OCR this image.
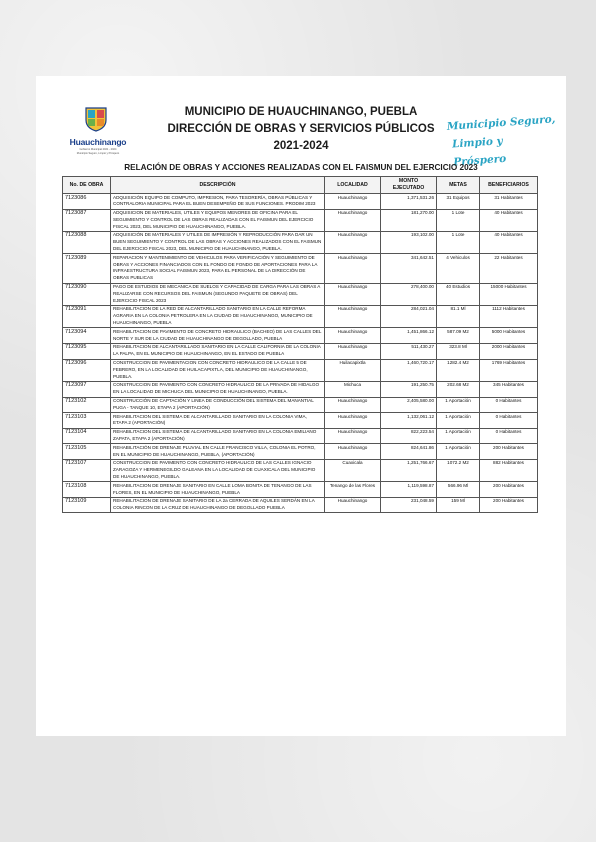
Huauchinango
Gobierno Municipal 2021 - 2024
Municipio Seguro, Limpio y Próspero
MUNICIPIO DE HUAUCHINANGO, PUEBLA
DIRECCIÓN DE OBRAS Y SERVICIOS PÚBLICOS
2021-2024
Municipio Seguro,
Limpio y Próspero
RELACIÓN DE OBRAS Y ACCIONES REALIZADAS CON EL FAISMUN DEL EJERCICIO 2023
No. DE OBRA	DESCRIPCIÓN	LOCALIDAD	MONTO EJECUTADO	METAS	BENEFICIARIOS
7123086	ADQUISICIÓN EQUIPO DE COMPUTO, IMPRESION, PARA TESORERÍA, OBRAS PÚBLICAS Y CONTRALORIA MUNICIPAL PARA EL BUEN DESEMPEÑO DE SUS FUNCIONES. PRODIM 2023	Huauchinango	1,371,531.26	31 Equipos	31 Habitantes
7123087	ADQUISICION DE MATERIALES, UTILES Y EQUIPOS MENORES DE OFICINA PARA EL SEGUIMIENTO Y CONTROL DE LAS OBRAS REALIZADAS CON EL FAISMUN DEL EJERCICIO FISCAL 2023, DEL MUNICIPIO DE HUAUCHINANGO, PUEBLA.	Huauchinango	181,270.00	1 Lote	40 Habitantes
7123088	ADQUISICIÓN DE MATERIALES Y UTILES DE IMPRESIÓN Y REPRODUCCIÓN PARA DAR UN BUEN SEGUIMIENTO Y CONTROL DE LAS OBRAS Y ACCIONES REALIZADOS CON EL FAISMUN DEL EJERCICIO FISCAL 2023, DEL MUNICIPIO DE HUAUCHINANGO, PUEBLA.	Huauchinango	193,102.00	1 Lote	40 Habitantes
7123089	REPARACION Y MANTENIMIENTO DE VEHICULOS PARA VERIFICACIÓN Y SEGUIMIENTO DE OBRAS Y ACCIONES FINANCIADOS CON EL FONDO DE FONDO DE APORTACIONES PARA LA INFRAESTRUCTURA SOCIAL FAISMUN 2023, PARA EL PERSONAL DE LA DIRECCIÓN DE OBRAS PUBLICAS	Huauchinango	341,642.51	4 Vehiculos	22 Habitantes
7123090	PAGO DE ESTUDIOS DE MECANICA DE SUELOS Y CAPACIDAD DE CARGA PARA LAS OBRAS A REALIZARSE CON RECURSOS DEL FAISMUN (SEGUNDO PAQUETE DE OBRAS) DEL EJERCICIO FISCAL 2023	Huauchinango	278,400.00	40 Estudios	15000 Habitantes
7123091	REHABILITACION DE LA RED DE ALCANTARILLADO SANITARIO EN LA CALLE REFORMA AGRARIA EN LA COLONIA PETROLERA EN LA CIUDAD DE HUAUCHINANGO, MUNICIPIO DE HUAUCHINANGO, PUEBLA	Huauchinango	284,021.04	81.1 Ml	1112 Habitantes
7123094	REHABILITACION DE PAVIMENTO DE CONCRETO HIDRAULICO (BACHEO) DE LAS CALLES DEL NORTE Y SUR DE LA CIUDAD DE HUAUCHINANGO DE DEGOLLADO, PUEBLA	Huauchinango	1,451,866.12	587.09 M2	5000 Habitantes
7123095	REHABILITACION DE ALCANTARILLADO SANITARIO EN LA CALLE CALIFORNIA DE LA COLONIA LA PALPA, EN EL MUNICIPIO DE HUAUCHINANGO, EN EL ESTADO DE PUEBLA	Huauchinango	511,430.27	323.8 Ml	2000 Habitantes
7123096	CONSTRUCCION DE PAVIMENTACION CON CONCRETO HIDRAULICO DE LA CALLE 5 DE FEBRERO, EN LA LOCALIDAD DE HUILACAPIXTLA, DEL MUNICIPIO DE HUAUCHINANGO, PUEBLA.	Huilacapixtla	1,460,720.17	1282.4 M2	1769 Habitantes
7123097	CONSTRUCCION DE PAVIMENTO CON CONCRETO HIDRAULICO DE LA PRIVADA DE HIDALGO EN LA LOCALIDAD DE MICHUCA DEL MUNICIPIO DE HUAUCHINANGO, PUEBLA.	Michuca	191,250.75	202.68 M2	345 Habitantes
7123102	CONSTRUCCIÓN DE CAPTACIÓN Y LINEA DE CONDUCCIÓN DEL SISTEMA DEL MANANTIAL PUGA - TANQUE 10, ETAPA 2 (APORTACIÓN)	Huauchinango	2,405,580.00	1 Aportación	0 Habitantes
7123103	REHABILITACION DEL SISTEMA DE ALCANTARILLADO SANITARIO EN LA COLONIA VIMA, ETAPA 2 (APORTACIÓN)	Huauchinango	1,132,061.12	1 Aportación	0 Habitantes
7123104	REHABILITACION DEL SISTEMA DE ALCANTARILLADO SANITARIO EN LA COLONIA EMILIANO ZAPATA, ETAPA 2 (APORTACIÓN)	Huauchinango	822,223.54	1 Aportación	0 Habitantes
7123105	REHABILITACIÓN DE DRENAJE PLUVIAL EN CALLE FRANCISCO VILLA, COLONIA EL POTRO, EN EL MUNICIPIO DE HUAUCHINANGO, PUEBLA, (APORTACIÓN)	Huauchinango	824,641.86	1 Aportación	200 Habitantes
7123107	CONSTRUCCION DE PAVIMENTO CON CONCRETO HIDRAULICO DE LAS CALLES IGNACIO ZARAGOZA Y HERMENEGILDO GALEANA EN LA LOCALIDAD DE CUAXICALA DEL MUNICIPIO DE HUAUCHINANGO, PUEBLA.	Cuaxicala	1,251,766.67	1072.2 M2	882 Habitantes
7123108	REHABILITACION DE DRENAJE SANITARIO EN CALLE LOMA BONITA DE TENANGO DE LAS FLORES, EN EL MUNICIPIO DE HUAUCHINANGO, PUEBLA	Tenango de las Flores	1,119,598.87	566.96 Ml	200 Habitantes
7123109	REHABILITACION DE DRENAJE SANITARIO DE LA 2a CERRADA DE AQUILES SERDÁN EN LA COLONIA RINCON DE LA CRUZ DE HUAUCHINANGO DE DEGOLLADO PUEBLA	Huauchinango	231,048.59	159 Ml	200 Habitantes
